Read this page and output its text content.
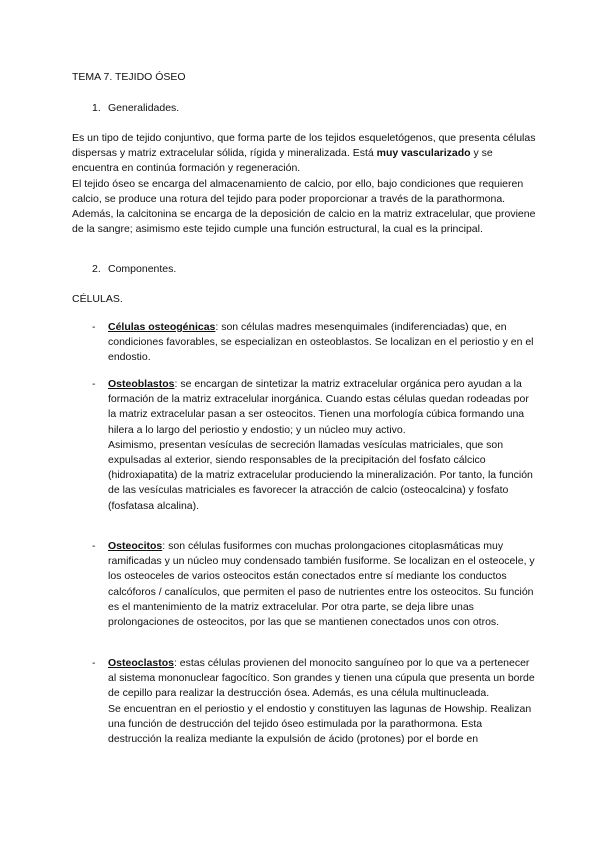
TEMA 7. TEJIDO ÓSEO
1. Generalidades.

Es un tipo de tejido conjuntivo, que forma parte de los tejidos esqueletógenos, que presenta células dispersas y matriz extracelular sólida, rígida y mineralizada. Está muy vascularizado y se encuentra en continúa formación y regeneración.

El tejido óseo se encarga del almacenamiento de calcio, por ello, bajo condiciones que requieren calcio, se produce una rotura del tejido para poder proporcionar a través de la parathormona. Además, la calcitonina se encarga de la deposición de calcio en la matriz extracelular, que proviene de la sangre; asimismo este tejido cumple una función estructural, la cual es la principal.

2. Componentes.
CÉLULAS.
- Células osteogénicas: son células madres mesenquimales (indiferenciadas) que, en condiciones favorables, se especializan en osteoblastos. Se localizan en el periostio y en el endostio.

- Osteoblastos: se encargan de sintetizar la matriz extracelular orgánica pero ayudan a la formación de la matriz extracelular inorgánica. Cuando estas células quedan rodeadas por la matriz extracelular pasan a ser osteocitos. Tienen una morfología cúbica formando una hilera a lo largo del periostio y endostio; y un núcleo muy activo.

Asimismo, presentan vesículas de secreción llamadas vesículas matriciales, que son expulsadas al exterior, siendo responsables de la precipitación del fosfato cálcico (hidroxiapatita) de la matriz extracelular produciendo la mineralización. Por tanto, la función de las vesículas matriciales es favorecer la atracción de calcio (osteocalcina) y fosfato (fosfatasa alcalina).

- Osteocitos: son células fusiformes con muchas prolongaciones citoplasmáticas muy ramificadas y un núcleo muy condensado también fusiforme. Se localizan en el osteocele, y los osteoceles de varios osteocitos están conectados entre sí mediante los conductos calcóforos / canalículos, que permiten el paso de nutrientes entre los osteocitos. Su función es el mantenimiento de la matriz extracelular. Por otra parte, se deja libre unas prolongaciones de osteocitos, por las que se mantienen conectados unos con otros.

- Osteoclastos: estas células provienen del monocito sanguíneo por lo que va a pertenecer al sistema mononuclear fagocítico. Son grandes y tienen una cúpula que presenta un borde de cepillo para realizar la destrucción ósea. Además, es una célula multinucleada.

Se encuentran en el periostio y el endostio y constituyen las lagunas de Howship. Realizan una función de destrucción del tejido óseo estimulada por la parathormona. Esta destrucción la realiza mediante la expulsión de ácido (protones) por el borde en
